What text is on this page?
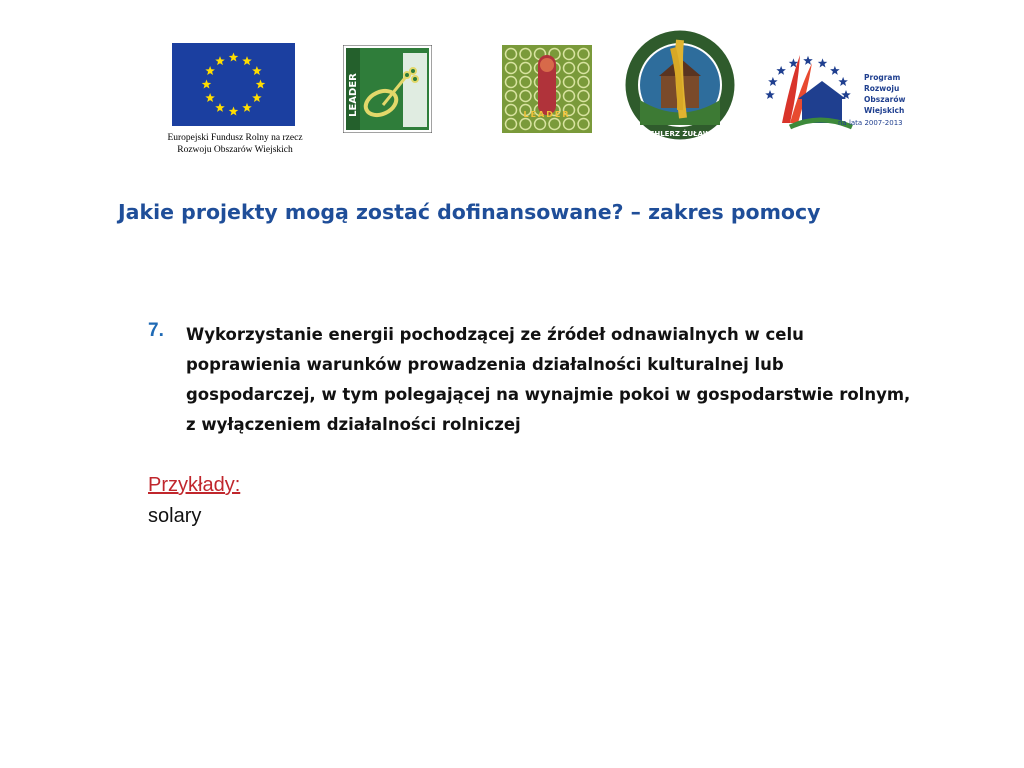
Europejski Fundusz Rolny na rzecz
Rozwoju Obszarów Wiejskich
LEADER	LEADER
SPICHLERZ ŻUŁAWSKI
Program
Rozwoju
Obszarów
Wiejskich
na lata 2007-2013
Jakie projekty mogą zostać dofinansowane? – zakres pomocy
7. Wykorzystanie energii pochodzącej ze źródeł odnawialnych w celu
poprawienia warunków prowadzenia działalności kulturalnej lub
gospodarczej, w tym polegającej na wynajmie pokoi w gospodarstwie rolnym,
z wyłączeniem działalności rolniczej
Przykłady:
solary
